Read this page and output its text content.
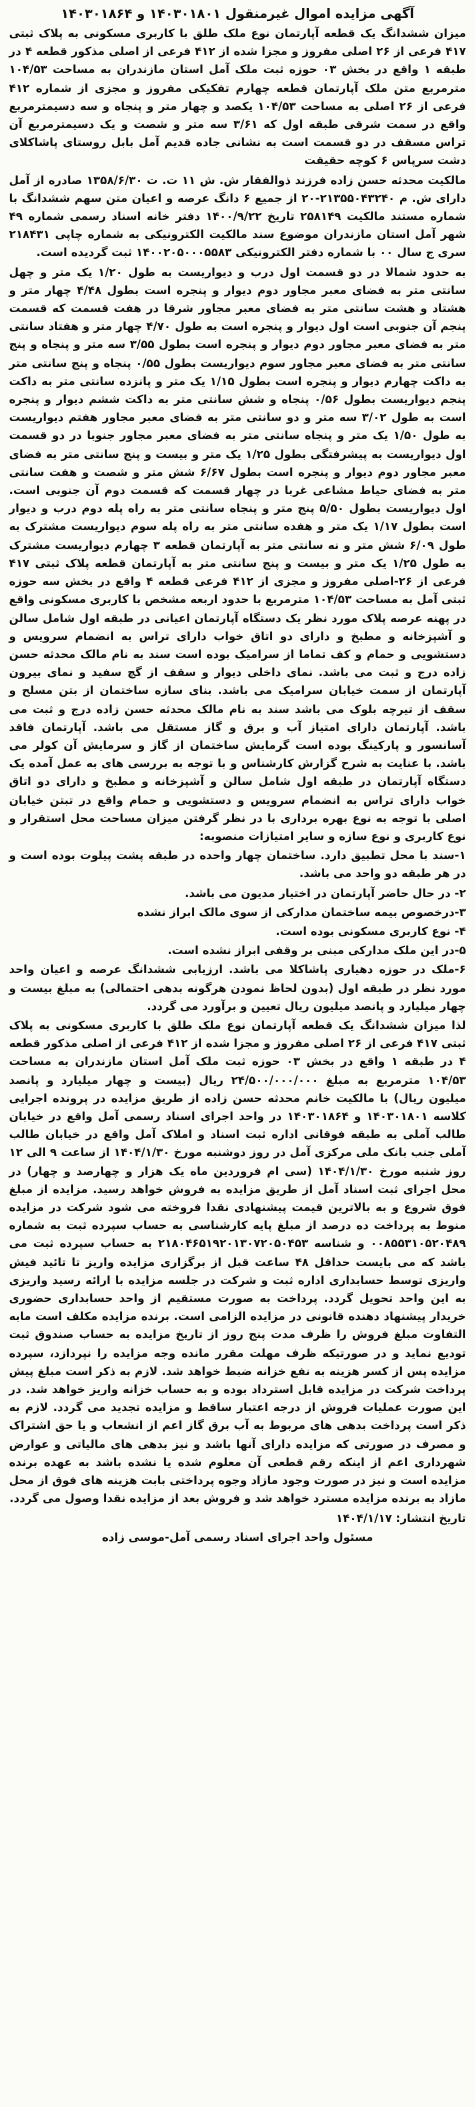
آگهی مزایده اموال غیرمنقول ۱۴۰۳۰۱۸۰۱ و ۱۴۰۳۰۱۸۶۴

میزان ششدانگ یک قطعه آپارتمان نوع ملک طلق با کاربری مسکونی به پلاک ثبتی ۴۱۷ فرعی از ۲۶ اصلی مفروز و مجزا شده از ۴۱۲ فرعی از اصلی مذکور قطعه ۴ در طبقه ۱ واقع در بخش ۰۳ حوزه ثبت ملک آمل استان مازندران به مساحت ۱۰۴/۵۳ مترمربع متن ملک آپارتمان قطعه چهارم تفکیکی مفروز و مجزی از شماره ۴۱۲ فرعی از ۲۶ اصلی به مساحت ۱۰۴/۵۳ یکصد و چهار متر و پنجاه و سه دسیمترمربع واقع در سمت شرقی طبقه اول که ۳/۶۱ سه متر و شصت و یک دسیمترمربع آن تراس مسقف در دو قسمت است به نشانی جاده قدیم آمل بابل روستای پاشاکلای دشت سرپاس ۶ کوچه حقیقت

مالکیت محدثه حسن زاده فرزند ذوالفقار ش. ش ۱۱ ت. ت ۱۳۵۸/۶/۳۰ صادره از آمل دارای ش. م ۲۱۳۵۵۰۴۳۲۴۰-۲۰ از جمیع ۶ دانگ عرصه و اعیان متن سهم ششدانگ با شماره مستند مالکیت ۲۵۸۱۴۹ تاریخ ۱۴۰۰/۹/۲۲ دفتر خانه اسناد رسمی شماره ۴۹ شهر آمل استان مازندران موضوع سند مالکیت الکترونیکی به شماره چاپی ۲۱۸۴۳۱ سری ج سال ۰۰ با شماره دفتر الکترونیکی ۱۴۰۰۲۰۵۰۰۰۵۵۸۳ ثبت گردیده است.

به حدود شمالا در دو قسمت اول درب و دیواریست به طول ۱/۲۰ یک متر و چهل سانتی متر به فضای معبر مجاور دوم دیوار و پنجره است بطول ۴/۴۸ چهار متر و هشتاد و هشت سانتی متر به فضای معبر مجاور شرقا در هفت قسمت که قسمت پنجم آن جنوبی است اول دیوار و پنجره است به طول ۴/۷۰ چهار متر و هفتاد سانتی متر به فضای معبر مجاور دوم دیوار و پنجره است بطول ۳/۵۵ سه متر و پنجاه و پنج سانتی متر به فضای معبر مجاور سوم دیواریست بطول ۰/۵۵ پنجاه و پنج سانتی متر به داکت چهارم دیوار و پنجره است بطول ۱/۱۵ یک متر و پانزده سانتی متر به داکت پنجم دیواریست بطول ۰/۵۶ پنجاه و شش سانتی متر به داکت ششم دیوار و پنجره است به طول ۳/۰۲ سه متر و دو سانتی متر به فضای معبر مجاور هفتم دیواریست به طول ۱/۵۰ یک متر و پنجاه سانتی متر به فضای معبر مجاور جنوبا در دو قسمت اول دیواریست به پیشرفتگی بطول ۱/۲۵ یک متر و بیست و پنج سانتی متر به فضای معبر مجاور دوم دیوار و پنجره است بطول ۶/۶۷ شش متر و شصت و هفت سانتی متر به فضای حیاط مشاعی غربا در چهار قسمت که قسمت دوم آن جنوبی است. اول دیواریست بطول ۵/۵۰ پنج متر و پنجاه سانتی متر به راه پله دوم درب و دیوار است بطول ۱/۱۷ یک متر و هفده سانتی متر به راه پله سوم دیواریست مشترک به طول ۶/۰۹ شش متر و نه سانتی متر به آپارتمان قطعه ۳ چهارم دیواریست مشترک به طول ۱/۲۵ یک متر و بیست و پنج سانتی متر به آپارتمان قطعه پلاک ثبتی ۴۱۷ فرعی از ۲۶-اصلی مفروز و مجزی از ۴۱۲ فرعی قطعه ۴ واقع در بخش سه حوزه ثبتی آمل به مساحت ۱۰۴/۵۳ مترمربع با حدود اربعه مشخص با کاربری مسکونی واقع در پهنه عرصه پلاک مورد نظر یک دستگاه آپارتمان اعیانی در طبقه اول شامل سالن و آشپزخانه و مطبخ و دارای دو اتاق خواب دارای تراس به انضمام سرویس و دستشویی و حمام و کف تماما از سرامیک بوده است سند به نام مالک محدثه حسن زاده درج و ثبت می باشد. نمای داخلی دیوار و سقف از گچ سفید و نمای بیرون آپارتمان از سمت خیابان سرامیک می باشد. بنای سازه ساختمان از بتن مسلح و سقف از تیرچه بلوک می باشد سند به نام مالک محدثه حسن زاده درج و ثبت می باشد. آپارتمان دارای امتیاز آب و برق و گاز مستقل می باشد. آپارتمان فاقد آسانسور و پارکینگ بوده است گرمایش ساختمان از گاز و سرمایش آن کولر می باشد. با عنایت به شرح گزارش کارشناس و با توجه به بررسی های به عمل آمده یک دستگاه آپارتمان در طبقه اول شامل سالن و آشپزخانه و مطبخ و دارای دو اتاق خواب دارای تراس به انضمام سرویس و دستشویی و حمام واقع در تبتن خیابان اصلی با توجه به نوع بهره برداری با در نظر گرفتن میزان مساحت محل استقرار و نوع کاربری و نوع سازه و سایر امتیازات منصوبه:

۱-سند با محل تطبیق دارد. ساختمان چهار واحده در طبقه پشت پیلوت بوده است و در هر طبقه دو واحد می باشد.

۲- در حال حاضر آپارتمان در اختیار مدیون می باشد.

۳-درخصوص بیمه ساختمان مدارکی از سوی مالک ابراز نشده

۴- نوع کاربری مسکونی بوده است.

۵-در این ملک مدارکی مبنی بر وقفی ابراز نشده است.

۶-ملک در حوزه دهیاری پاشاکلا می باشد. ارزیابی ششدانگ عرصه و اعیان واحد مورد نظر در طبقه اول (بدون لحاظ نمودن هرگونه بدهی احتمالی) به مبلغ بیست و چهار میلیارد و پانصد میلیون ریال تعیین و برآورد می گردد.

لذا میزان ششدانگ یک قطعه آپارتمان نوع ملک طلق با کاربری مسکونی به پلاک ثبتی ۴۱۷ فرعی از ۲۶ اصلی مفروز و مجزا شده از ۴۱۲ فرعی از اصلی مذکور قطعه ۴ در طبقه ۱ واقع در بخش ۰۳ حوزه ثبت ملک آمل استان مازندران به مساحت ۱۰۴/۵۳ مترمربع به مبلغ ۲۴/۵۰۰/۰۰۰/۰۰۰ ریال (بیست و چهار میلیارد و پانصد میلیون ریال) با مالکیت خانم محدثه حسن زاده از طریق مزایده در پرونده اجرایی کلاسه ۱۴۰۳۰۱۸۰۱ و ۱۴۰۳۰۱۸۶۴ در واحد اجرای اسناد رسمی آمل واقع در خیابان طالب آملی به طبقه فوقانی اداره ثبت اسناد و املاک آمل واقع در خیابان طالب آملی جنب بانک ملی مرکزی آمل در روز دوشنبه مورخ ۱۴۰۴/۱/۳۰ از ساعت ۹ الی ۱۲ روز شنبه مورخ ۱۴۰۴/۱/۳۰ (سی ام فروردین ماه یک هزار و چهارصد و چهار) در محل اجرای ثبت اسناد آمل از طریق مزایده به فروش خواهد رسید. مزایده از مبلغ فوق شروع و به بالاترین قیمت پیشنهادی نقدا فروخته می شود شرکت در مزایده منوط به پرداخت ده درصد از مبلغ پایه کارشناسی به حساب سپرده ثبت به شماره ۰۰۸۵۵۳۱۰۵۲۰۴۸۹ و شناسه ۲۱۸۰۴۶۵۱۹۲۰۱۳۰۷۲۰۵۰۴۵۳ به حساب سپرده ثبت می باشد که می بایست حداقل ۴۸ ساعت قبل از برگزاری مزایده واریز تا تائید فیش واریزی توسط حسابداری اداره ثبت و شرکت در جلسه مزایده با ارائه رسید واریزی به این واحد تحویل گردد. پرداخت به صورت مستقیم از واحد حسابداری حضوری خریدار پیشنهاد دهنده قانونی در مزایده الزامی است. برنده مزایده مکلف است مابه التفاوت مبلغ فروش را ظرف مدت پنج روز از تاریخ مزایده به حساب صندوق ثبت تودیع نماید و در صورتیکه ظرف مهلت مقرر مانده وجه مزایده را نپردازد، سپرده مزایده پس از کسر هزینه به نفع خزانه ضبط خواهد شد. لازم به ذکر است مبلغ پیش پرداخت شرکت در مزایده قابل استرداد بوده و به حساب خزانه واریز خواهد شد. در این صورت عملیات فروش از درجه اعتبار ساقط و مزایده تجدید می گردد. لازم به ذکر است پرداخت بدهی های مربوط به آب برق گاز اعم از انشعاب و یا حق اشتراک و مصرف در صورتی که مزایده دارای آنها باشد و نیز بدهی های مالیاتی و عوارض شهرداری اعم از اینکه رقم قطعی آن معلوم شده یا نشده باشد به عهده برنده مزایده است و نیز در صورت وجود مازاد وجوه پرداختی بابت هزینه های فوق از محل مازاد به برنده مزایده مسترد خواهد شد و فروش بعد از مزایده نقدا وصول می گردد.

تاریخ انتشار: ۱۴۰۴/۱/۱۷
مسئول واحد اجرای اسناد رسمی آمل-موسی زاده
